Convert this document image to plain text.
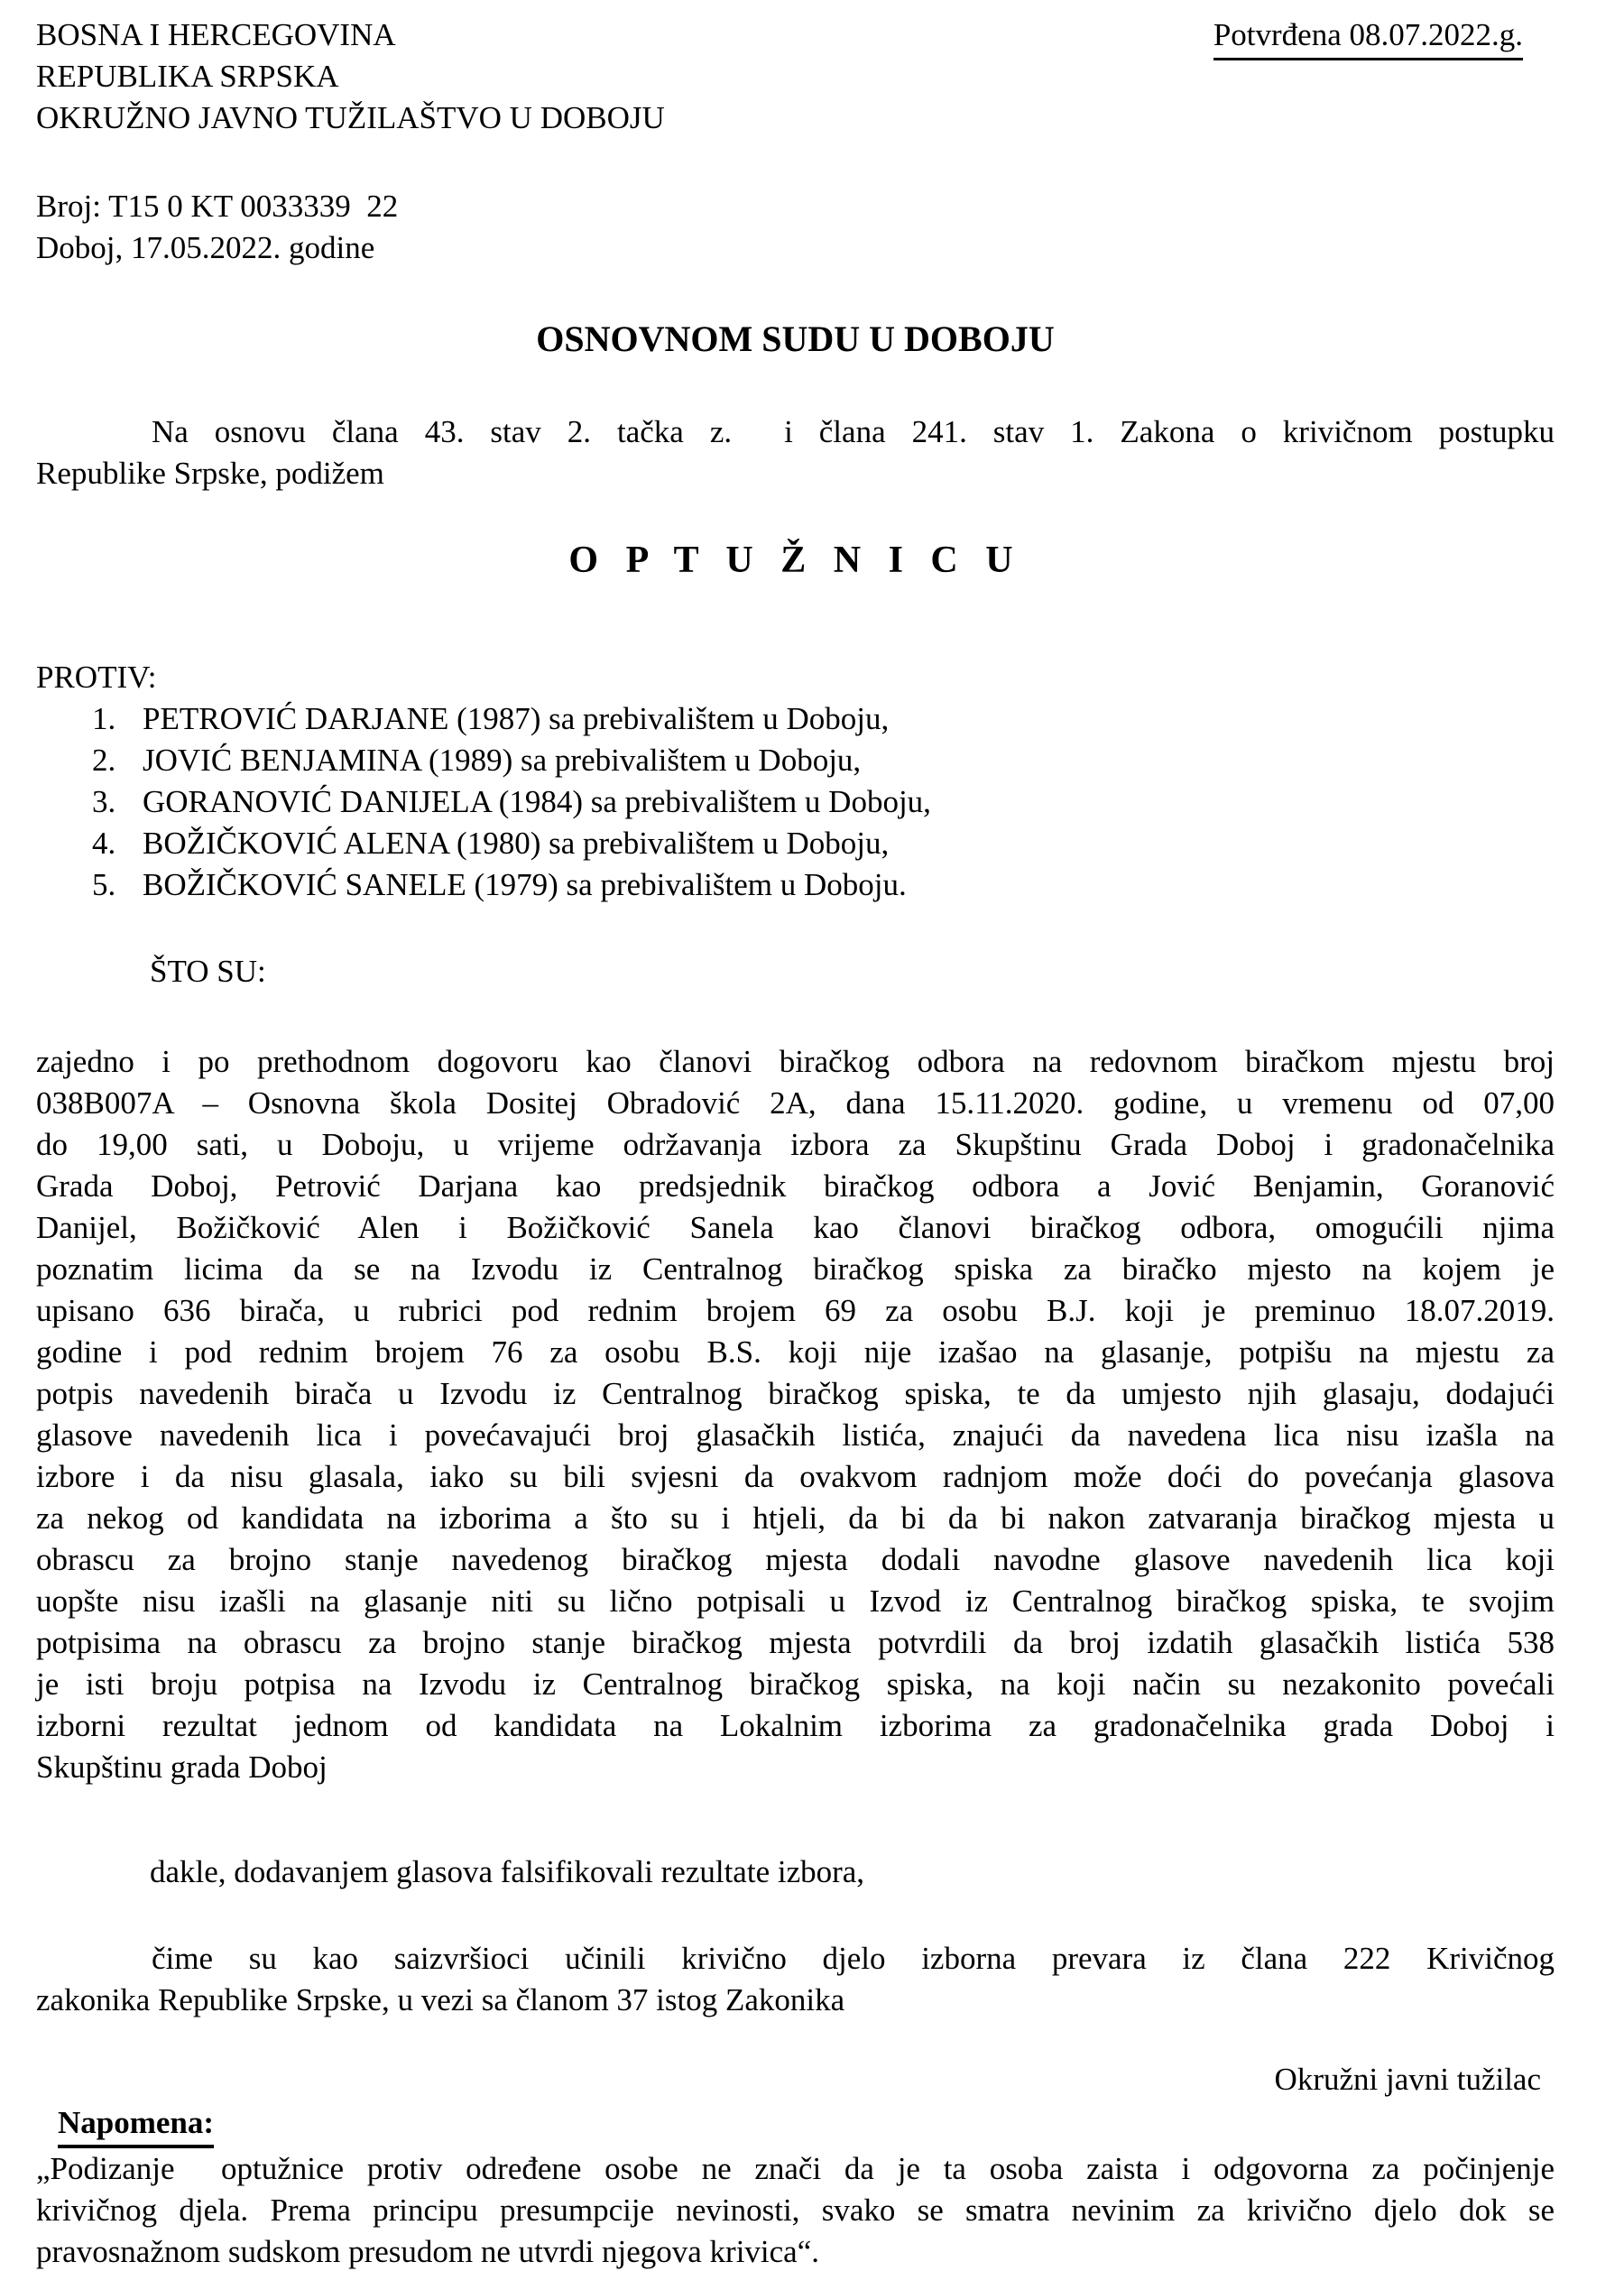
BOSNA I HERCEGOVINA
REPUBLIKA SRPSKA
OKRUŽNO JAVNO TUŽILAŠTVO U DOBOJU
Potvrđena 08.07.2022.g.
Broj: T15 0 KT 0033339  22
Doboj, 17.05.2022. godine
OSNOVNOM SUDU U DOBOJU
Na osnovu člana 43. stav 2. tačka z.  i člana 241. stav 1. Zakona o krivičnom postupku
Republike Srpske, podižem
O P T U Ž N I C U
PROTIV:
1. PETROVIĆ DARJANE (1987) sa prebivalištem u Doboju,
2. JOVIĆ BENJAMINA (1989) sa prebivalištem u Doboju,
3. GORANOVIĆ DANIJELA (1984) sa prebivalištem u Doboju,
4. BOŽIČKOVIĆ ALENA (1980) sa prebivalištem u Doboju,
5. BOŽIČKOVIĆ SANELE (1979) sa prebivalištem u Doboju.
ŠTO SU:
zajedno i po prethodnom dogovoru kao članovi biračkog odbora na redovnom biračkom mjestu broj
038B007A – Osnovna škola Dositej Obradović 2A, dana 15.11.2020. godine, u vremenu od 07,00
do 19,00 sati, u Doboju, u vrijeme održavanja izbora za Skupštinu Grada Doboj i gradonačelnika
Grada Doboj, Petrović Darjana kao predsjednik biračkog odbora a Jović Benjamin, Goranović
Danijel, Božičković Alen i Božičković Sanela kao članovi biračkog odbora, omogućili njima
poznatim licima da se na Izvodu iz Centralnog biračkog spiska za biračko mjesto na kojem je
upisano 636 birača, u rubrici pod rednim brojem 69 za osobu B.J. koji je preminuo 18.07.2019.
godine i pod rednim brojem 76 za osobu B.S. koji nije izašao na glasanje, potpišu na mjestu za
potpis navedenih birača u Izvodu iz Centralnog biračkog spiska, te da umjesto njih glasaju, dodajući
glasove navedenih lica i povećavajući broj glasačkih listića, znajući da navedena lica nisu izašla na
izbore i da nisu glasala, iako su bili svjesni da ovakvom radnjom može doći do povećanja glasova
za nekog od kandidata na izborima a što su i htjeli, da bi da bi nakon zatvaranja biračkog mjesta u
obrascu za brojno stanje navedenog biračkog mjesta dodali navodne glasove navedenih lica koji
uopšte nisu izašli na glasanje niti su lično potpisali u Izvod iz Centralnog biračkog spiska, te svojim
potpisima na obrascu za brojno stanje biračkog mjesta potvrdili da broj izdatih glasačkih listića 538
je isti broju potpisa na Izvodu iz Centralnog biračkog spiska, na koji način su nezakonito povećali
izborni rezultat jednom od kandidata na Lokalnim izborima za gradonačelnika grada Doboj i
Skupštinu grada Doboj
dakle, dodavanjem glasova falsifikovali rezultate izbora,
čime su kao saizvršioci učinili krivično djelo izborna prevara iz člana 222 Krivičnog
zakonika Republike Srpske, u vezi sa članom 37 istog Zakonika
Okružni javni tužilac
Napomena:
„Podizanje  optužnice protiv određene osobe ne znači da je ta osoba zaista i odgovorna za počinjenje
krivičnog djela. Prema principu presumpcije nevinosti, svako se smatra nevinim za krivično djelo dok se
pravosnažnom sudskom presudom ne utvrdi njegova krivica“.
